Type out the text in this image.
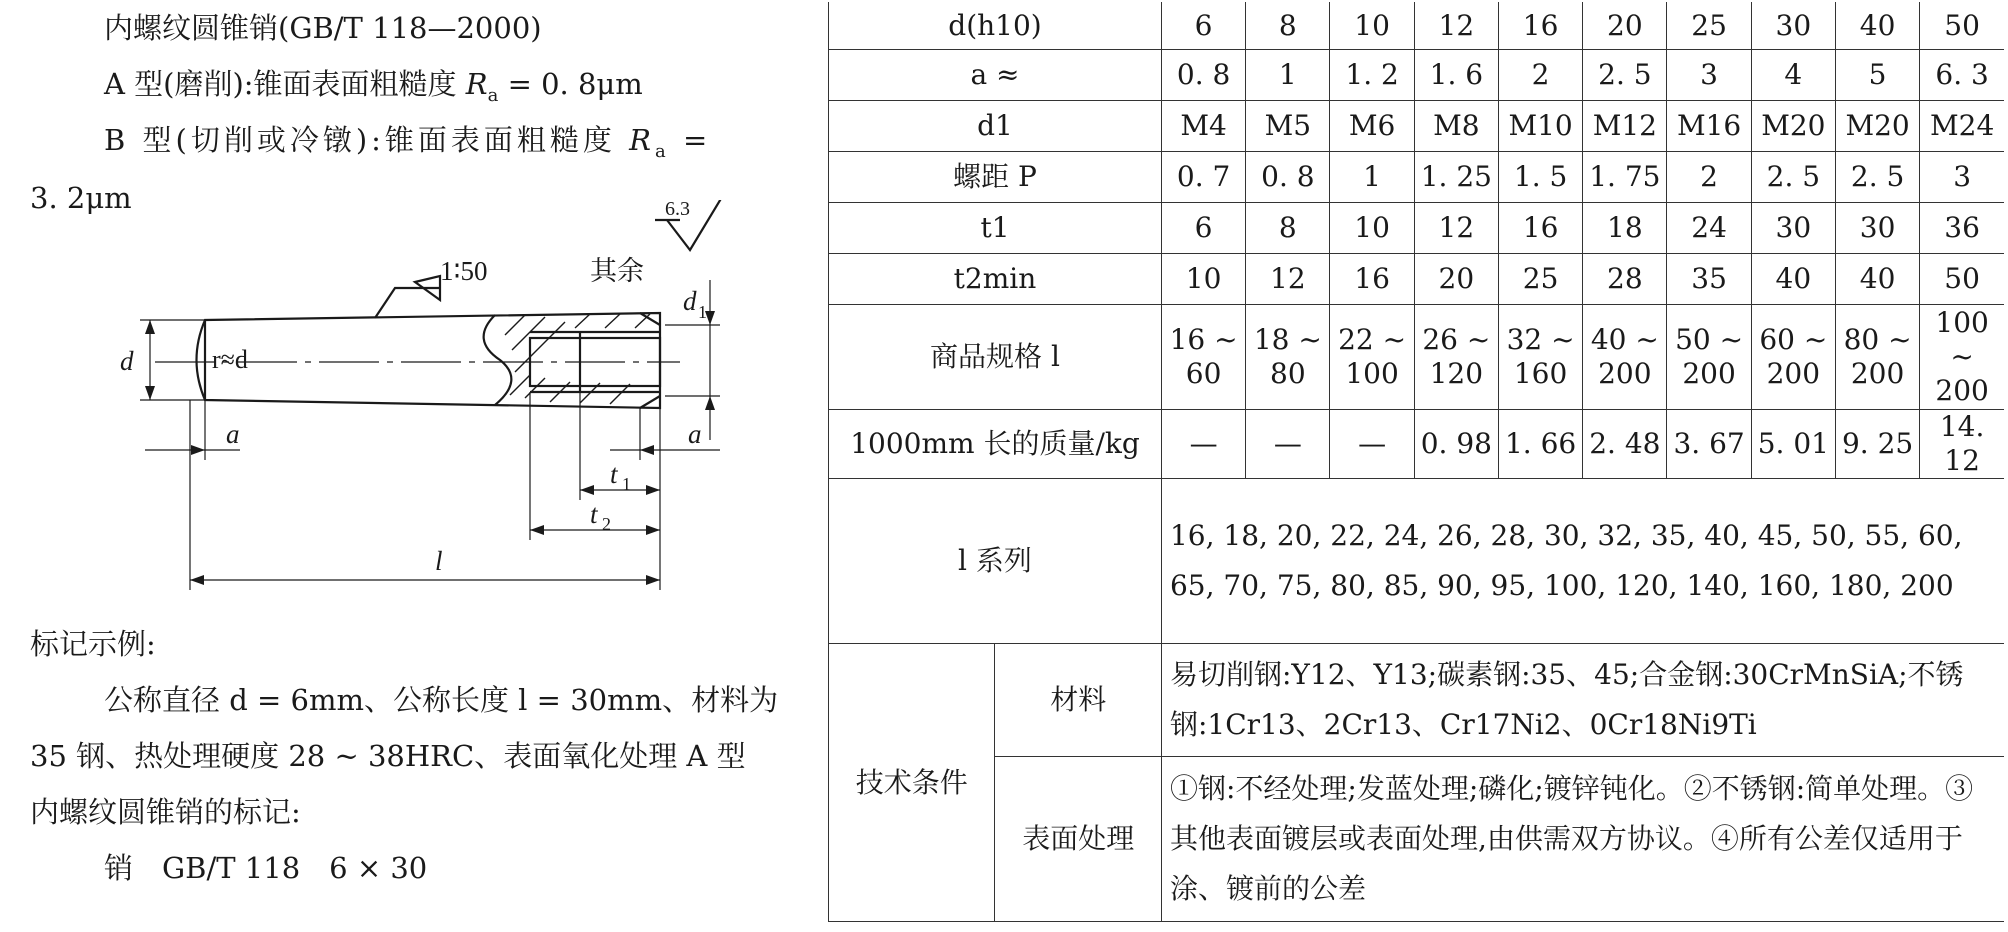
内螺纹圆锥销(GB/T 118—2000)
A 型(磨削):锥面表面粗糙度 $R_a = 0$. 8μm
B 型(切削或冷镦):锥面表面粗糙度 $R_a$ =
3. 2μm
1∶50	其余
6.3
r≈d
d
d 1
a	a
t 1
t 2
l
标记示例:
公称直径 d = 6mm、公称长度 l = 30mm、材料为
35 钢、热处理硬度 28 ~ 38HRC、表面氧化处理 A 型
内螺纹圆锥销的标记:
销　GB/T 118　6 × 30
d(h10)		6	8	10	12	16	20	25	30	40	50
a ≈		0. 8	1	1. 2	1. 6	2	2. 5	3	4	5	6. 3
d1		M4	M5	M6	M8	M10	M12	M16	M20	M20	M24
螺距 P		0. 7	0. 8	1	1. 25	1. 5	1. 75	2	2. 5	2. 5	3
t1		6	8	10	12	16	18	24	30	30	36
t2min		10	12	16	20	25	28	35	40	40	50
商品规格 l		16 ~ 60	18 ~ 80	22 ~ 100	26 ~ 120	32 ~ 160	40 ~ 200	50 ~ 200	60 ~ 200	80 ~ 200	100 ~ 200
1000mm 长的质量/kg		—	—	—	0. 98	1. 66	2. 48	3. 67	5. 01	9. 25	14. 12
l 系列		16, 18, 20, 22, 24, 26, 28, 30, 32, 35, 40, 45, 50, 55, 60, 65, 70, 75, 80, 85, 90, 95, 100, 120, 140, 160, 180, 200									
技术条件	材料	易切削钢:Y12、Y13;碳素钢:35、45;合金钢:30CrMnSiA;不锈钢:1Cr13、2Cr13、Cr17Ni2、0Cr18Ni9Ti									
	表面处理	①钢:不经处理;发蓝处理;磷化;镀锌钝化。②不锈钢:简单处理。③其他表面镀层或表面处理,由供需双方协议。④所有公差仅适用于涂、镀前的公差									
